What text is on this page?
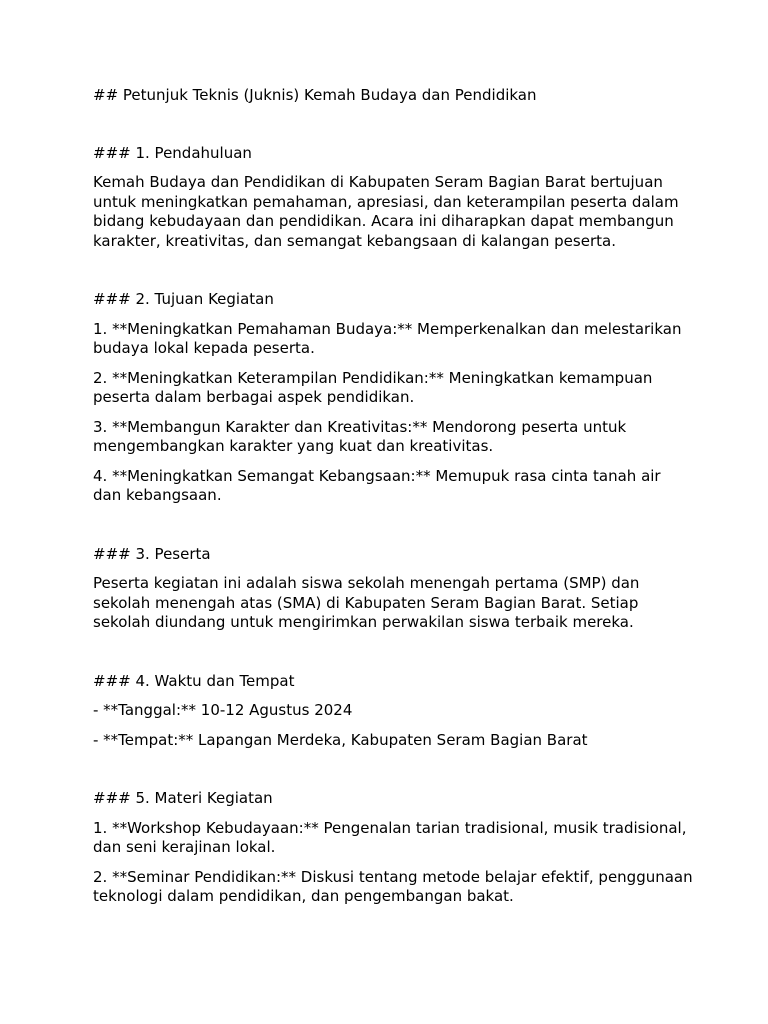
## Petunjuk Teknis (Juknis) Kemah Budaya dan Pendidikan

### 1. Pendahuluan

Kemah Budaya dan Pendidikan di Kabupaten Seram Bagian Barat bertujuan untuk meningkatkan pemahaman, apresiasi, dan keterampilan peserta dalam bidang kebudayaan dan pendidikan. Acara ini diharapkan dapat membangun karakter, kreativitas, dan semangat kebangsaan di kalangan peserta.

### 2. Tujuan Kegiatan

1. **Meningkatkan Pemahaman Budaya:** Memperkenalkan dan melestarikan budaya lokal kepada peserta.

2. **Meningkatkan Keterampilan Pendidikan:** Meningkatkan kemampuan peserta dalam berbagai aspek pendidikan.

3. **Membangun Karakter dan Kreativitas:** Mendorong peserta untuk mengembangkan karakter yang kuat dan kreativitas.

4. **Meningkatkan Semangat Kebangsaan:** Memupuk rasa cinta tanah air dan kebangsaan.

### 3. Peserta

Peserta kegiatan ini adalah siswa sekolah menengah pertama (SMP) dan sekolah menengah atas (SMA) di Kabupaten Seram Bagian Barat. Setiap sekolah diundang untuk mengirimkan perwakilan siswa terbaik mereka.

### 4. Waktu dan Tempat

- **Tanggal:** 10-12 Agustus 2024

- **Tempat:** Lapangan Merdeka, Kabupaten Seram Bagian Barat

### 5. Materi Kegiatan

1. **Workshop Kebudayaan:** Pengenalan tarian tradisional, musik tradisional, dan seni kerajinan lokal.

2. **Seminar Pendidikan:** Diskusi tentang metode belajar efektif, penggunaan teknologi dalam pendidikan, dan pengembangan bakat.
